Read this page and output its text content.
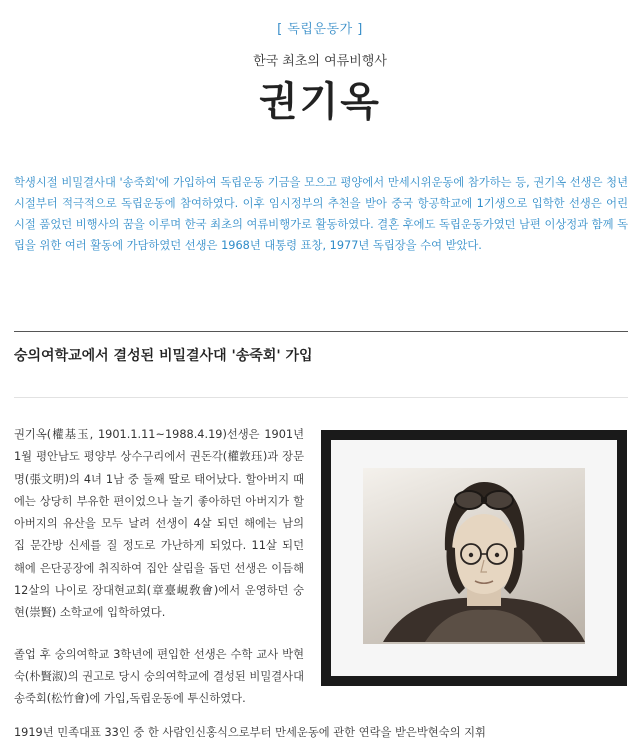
[ 독립운동가 ]
한국 최초의 여류비행사
권기옥
학생시절 비밀결사대 '송죽회'에 가입하여 독립운동 기금을 모으고 평양에서 만세시위운동에 참가하는 등, 권기옥 선생은 청년시절부터 적극적으로 독립운동에 참여하였다. 이후 임시정부의 추천을 받아 중국 항공학교에 1기생으로 입학한 선생은 어린 시절 품었던 비행사의 꿈을 이루며 한국 최초의 여류비행가로 활동하였다. 결혼 후에도 독립운동가였던 남편 이상정과 함께 독립을 위한 여러 활동에 가담하였던 선생은 1968년 대통령 표창, 1977년 독립장을 수여 받았다.
숭의여학교에서 결성된 비밀결사대 '송죽회' 가입

권기옥(權基玉, 1901.1.11~1988.4.19)선생은 1901년 1월 평안남도 평양부 상수구리에서 권돈각(權敦珏)과 장문명(張文明)의 4녀 1남 중 둘째 딸로 태어났다. 할아버지 때에는 상당히 부유한 편이었으나 놀기 좋아하던 아버지가 할아버지의 유산을 모두 날려 선생이 4살 되던 해에는 남의 집 문간방 신세를 질 정도로 가난하게 되었다. 11살 되던 해에 은단공장에 취직하여 집안 살림을 돕던 선생은 이듬해 12살의 나이로 장대현교회(章臺峴敎會)에서 운영하던 숭현(崇賢) 소학교에 입학하였다.

졸업 후 숭의여학교 3학년에 편입한 선생은 수학 교사 박현숙(朴賢淑)의 권고로 당시 숭의여학교에 결성된 비밀결사대 송죽회(松竹會)에 가입,독립운동에 투신하였다.

1919년 민족대표 33인 중 한 사람인신홍식으로부터 만세운동에 관한 연락을 받은박현숙의 지휘
